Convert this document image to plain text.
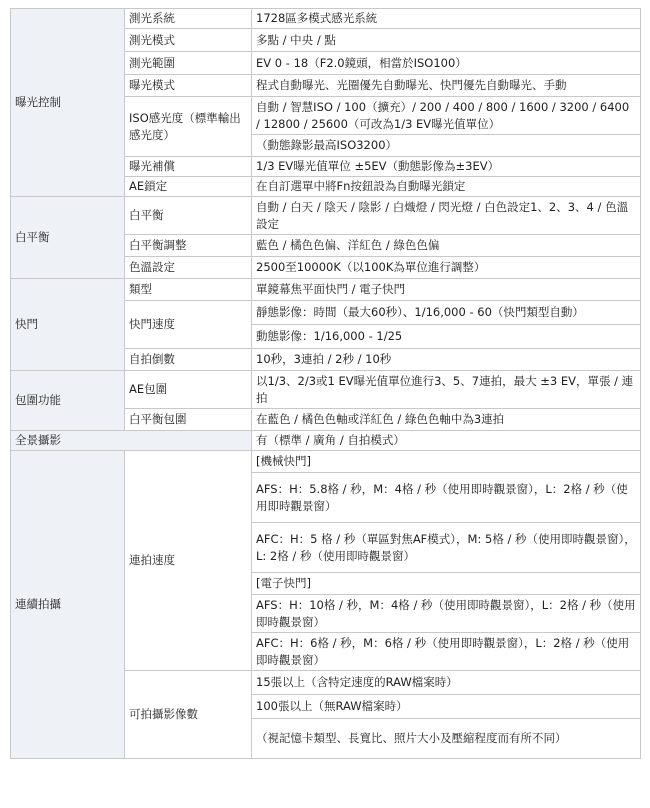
曝光控制	測光系統	1728區多模式感光系統
	測光模式	多點 / 中央 / 點
	測光範圍	EV 0 - 18（F2.0鏡頭，相當於ISO100）
	曝光模式	程式自動曝光、光圈優先自動曝光、快門優先自動曝光、手動
	ISO感光度（標準輸出感光度）	自動 / 智慧ISO / 100（擴充）/ 200 / 400 / 800 / 1600 / 3200 / 6400 / 12800 / 25600（可改為1/3 EV曝光值單位）
		（動態錄影最高ISO3200）
	曝光補償	1/3 EV曝光值單位 ±5EV（動態影像為±3EV）
	AE鎖定	在自訂選單中將Fn按鈕設為自動曝光鎖定

白平衡	白平衡	自動 / 白天 / 陰天 / 陰影 / 白熾燈 / 閃光燈 / 白色設定1、2、3、4 / 色溫設定
	白平衡調整	藍色 / 橘色色偏、洋紅色 / 綠色色偏
	色溫設定	2500至10000K（以100K為單位進行調整）
快門	類型	單鏡幕焦平面快門 / 電子快門
	快門速度	靜態影像：時間（最大60秒）、1/16,000 - 60（快門類型自動）
		動態影像：1/16,000 - 1/25
	自拍倒數	10秒，3連拍 / 2秒 / 10秒
包圍功能	AE包圍	以1/3、2/3或1 EV曝光值單位進行3、5、7連拍，最大 ±3 EV，單張 / 連拍
	白平衡包圍	在藍色 / 橘色色軸或洋紅色 / 綠色色軸中為3連拍
全景攝影		有（標準 / 廣角 / 自拍模式）
連續拍攝	連拍速度	[機械快門]
		AFS：H：5.8格 / 秒，M：4格 / 秒（使用即時觀景窗），L：2格 / 秒（使用即時觀景窗）
		AFC：H：5 格 / 秒（單區對焦AF模式），M: 5格 / 秒（使用即時觀景窗），L: 2格 / 秒（使用即時觀景窗）
		[電子快門]
		AFS：H：10格 / 秒，M：4格 / 秒（使用即時觀景窗），L：2格 / 秒（使用即時觀景窗）
		AFC：H：6格 / 秒，M：6格 / 秒（使用即時觀景窗），L：2格 / 秒（使用即時觀景窗）
	可拍攝影像數	15張以上（含特定速度的RAW檔案時）
		100張以上（無RAW檔案時）
		（視記憶卡類型、長寬比、照片大小及壓縮程度而有所不同）
